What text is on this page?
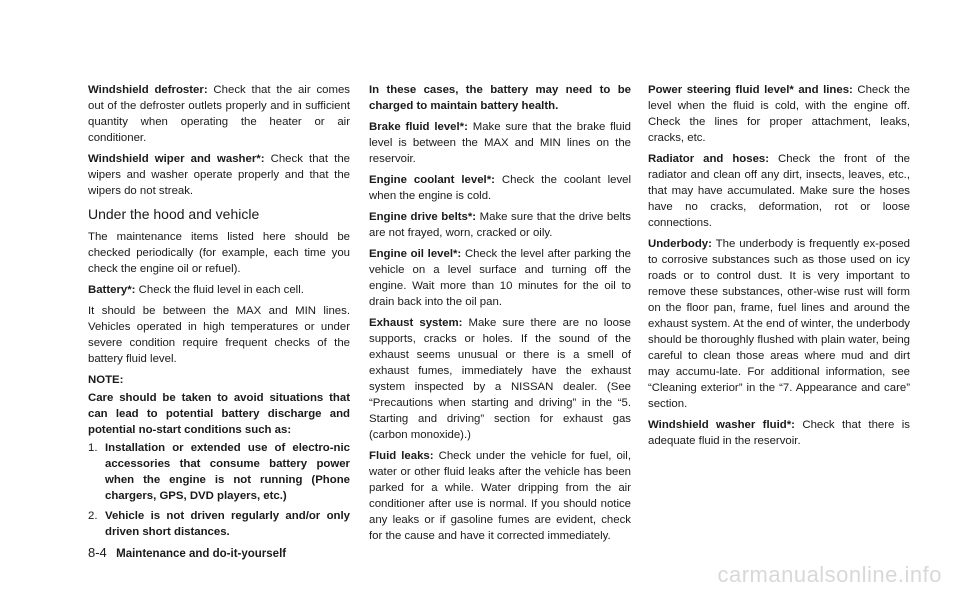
Windshield defroster: Check that the air comes out of the defroster outlets properly and in sufficient quantity when operating the heater or air conditioner.

Windshield wiper and washer*: Check that the wipers and washer operate properly and that the wipers do not streak.

Under the hood and vehicle

The maintenance items listed here should be checked periodically (for example, each time you check the engine oil or refuel).

Battery*: Check the fluid level in each cell.

It should be between the MAX and MIN lines. Vehicles operated in high temperatures or under severe condition require frequent checks of the battery fluid level.

NOTE:
Care should be taken to avoid situations that can lead to potential battery discharge and potential no-start conditions such as:
1. Installation or extended use of electro-nic accessories that consume battery power when the engine is not running (Phone chargers, GPS, DVD players, etc.)
2. Vehicle is not driven regularly and/or only driven short distances.

In these cases, the battery may need to be charged to maintain battery health.

Brake fluid level*: Make sure that the brake fluid level is between the MAX and MIN lines on the reservoir.

Engine coolant level*: Check the coolant level when the engine is cold.

Engine drive belts*: Make sure that the drive belts are not frayed, worn, cracked or oily.

Engine oil level*: Check the level after parking the vehicle on a level surface and turning off the engine. Wait more than 10 minutes for the oil to drain back into the oil pan.

Exhaust system: Make sure there are no loose supports, cracks or holes. If the sound of the exhaust seems unusual or there is a smell of exhaust fumes, immediately have the exhaust system inspected by a NISSAN dealer. (See “Precautions when starting and driving” in the “5. Starting and driving” section for exhaust gas (carbon monoxide).)

Fluid leaks: Check under the vehicle for fuel, oil, water or other fluid leaks after the vehicle has been parked for a while. Water dripping from the air conditioner after use is normal. If you should notice any leaks or if gasoline fumes are evident, check for the cause and have it corrected immediately.

Power steering fluid level* and lines: Check the level when the fluid is cold, with the engine off. Check the lines for proper attachment, leaks, cracks, etc.

Radiator and hoses: Check the front of the radiator and clean off any dirt, insects, leaves, etc., that may have accumulated. Make sure the hoses have no cracks, deformation, rot or loose connections.

Underbody: The underbody is frequently ex-posed to corrosive substances such as those used on icy roads or to control dust. It is very important to remove these substances, other-wise rust will form on the floor pan, frame, fuel lines and around the exhaust system. At the end of winter, the underbody should be thoroughly flushed with plain water, being careful to clean those areas where mud and dirt may accumu-late. For additional information, see “Cleaning exterior” in the “7. Appearance and care” section.

Windshield washer fluid*: Check that there is adequate fluid in the reservoir.

8-4 Maintenance and do-it-yourself
carmanualsonline.info
